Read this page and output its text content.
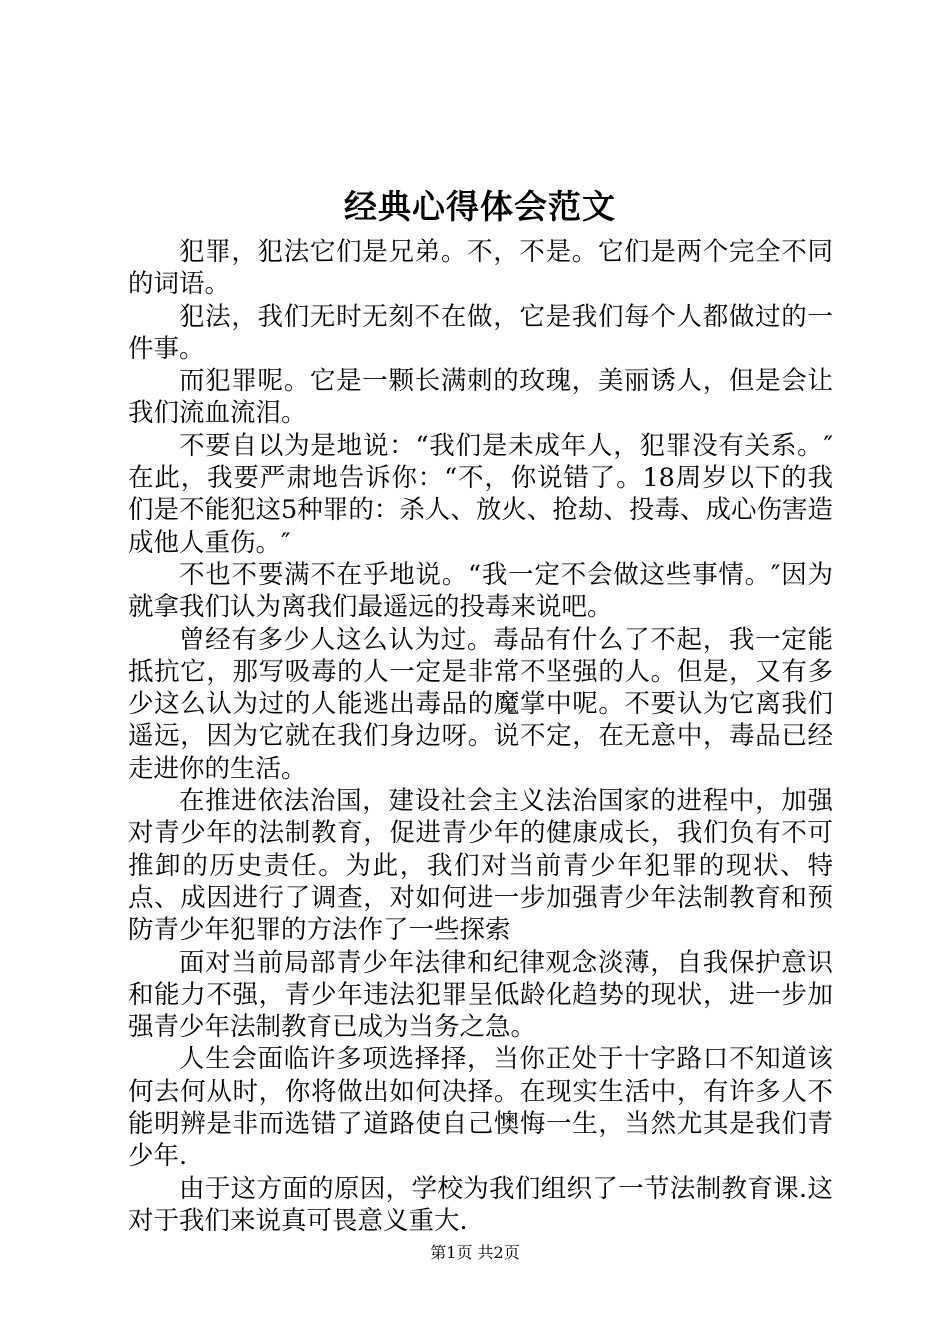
经典心得体会范文

犯罪，犯法它们是兄弟。不，不是。它们是两个完全不同的词语。

犯法，我们无时无刻不在做，它是我们每个人都做过的一件事。

而犯罪呢。它是一颗长满刺的玫瑰，美丽诱人，但是会让我们流血流泪。

不要自以为是地说：“我们是未成年人，犯罪没有关系。″在此，我要严肃地告诉你：“不，你说错了。18周岁以下的我们是不能犯这5种罪的：杀人、放火、抢劫、投毒、成心伤害造成他人重伤。″

不也不要满不在乎地说。“我一定不会做这些事情。″因为就拿我们认为离我们最遥远的投毒来说吧。

曾经有多少人这么认为过。毒品有什么了不起，我一定能抵抗它，那写吸毒的人一定是非常不坚强的人。但是，又有多少这么认为过的人能逃出毒品的魔掌中呢。不要认为它离我们遥远，因为它就在我们身边呀。说不定，在无意中，毒品已经走进你的生活。

在推进依法治国，建设社会主义法治国家的进程中，加强对青少年的法制教育，促进青少年的健康成长，我们负有不可推卸的历史责任。为此，我们对当前青少年犯罪的现状、特点、成因进行了调查，对如何进一步加强青少年法制教育和预防青少年犯罪的方法作了一些探索

面对当前局部青少年法律和纪律观念淡薄，自我保护意识和能力不强，青少年违法犯罪呈低龄化趋势的现状，进一步加强青少年法制教育已成为当务之急。

人生会面临许多项选择择，当你正处于十字路口不知道该何去何从时，你将做出如何决择。在现实生活中，有许多人不能明辨是非而选错了道路使自己懊悔一生，当然尤其是我们青少年.

由于这方面的原因，学校为我们组织了一节法制教育课.这对于我们来说真可畏意义重大.

第1页 共2页
